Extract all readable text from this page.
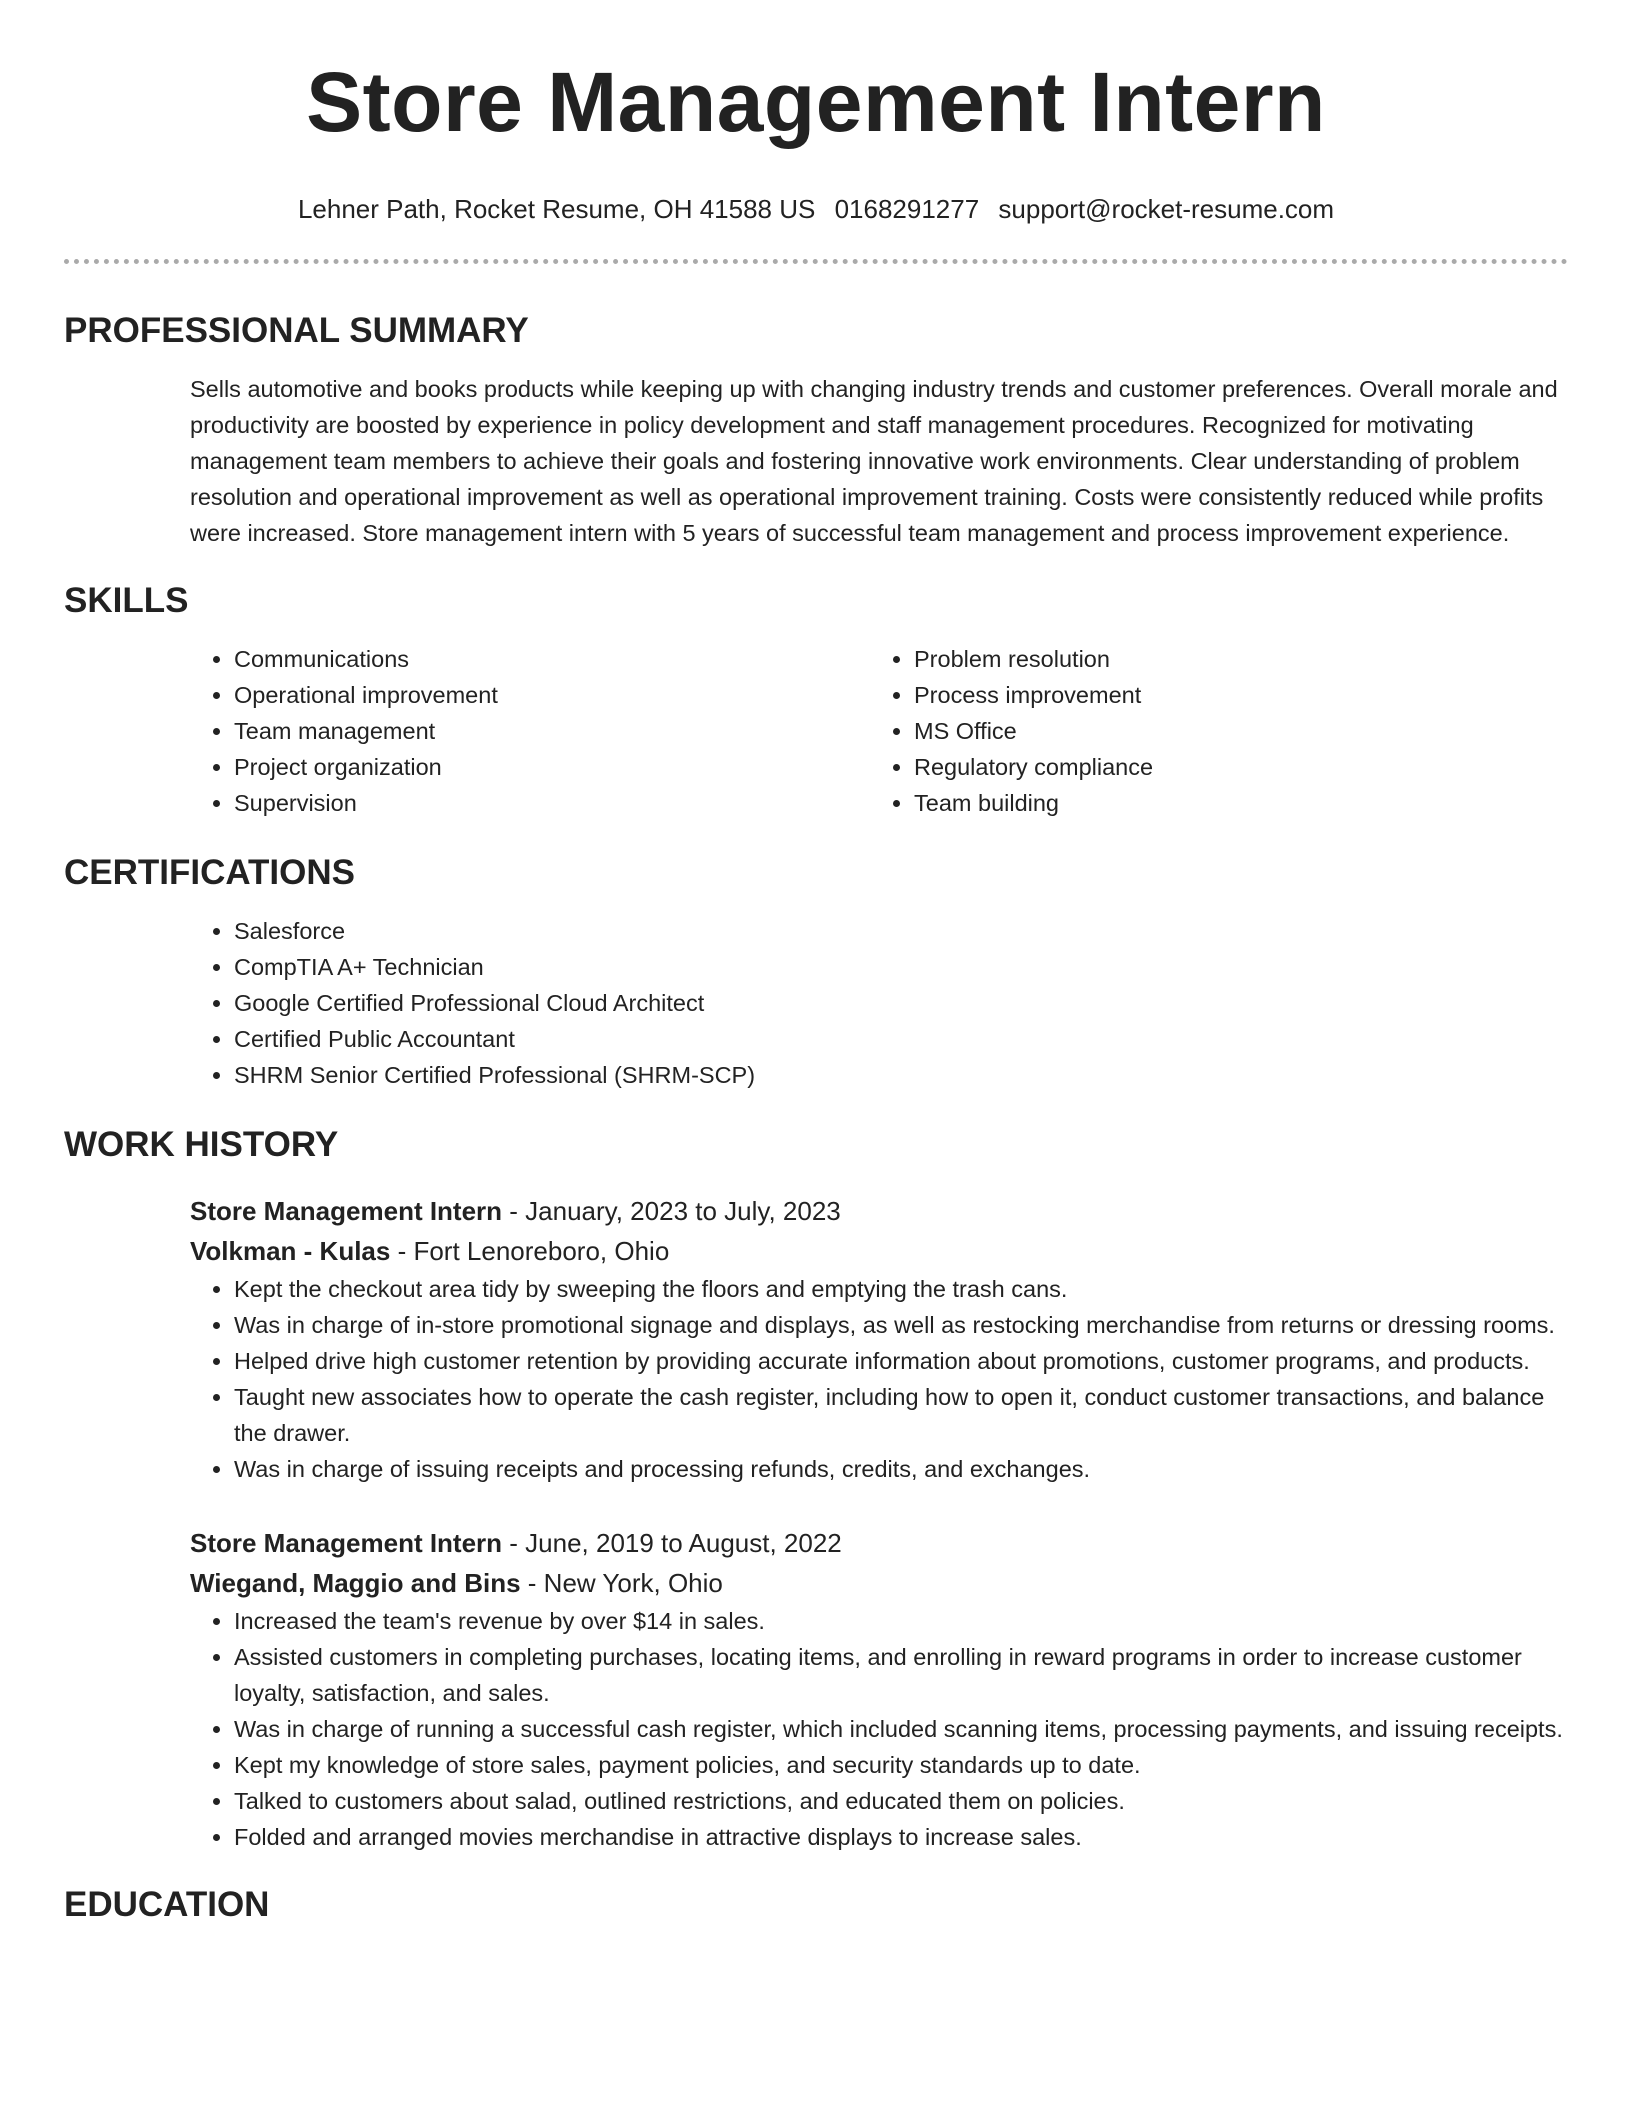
Store Management Intern
Lehner Path, Rocket Resume, OH 41588 US 0168291277 support@rocket-resume.com
PROFESSIONAL SUMMARY

Sells automotive and books products while keeping up with changing industry trends and customer preferences. Overall morale and productivity are boosted by experience in policy development and staff management procedures. Recognized for motivating management team members to achieve their goals and fostering innovative work environments. Clear understanding of problem resolution and operational improvement as well as operational improvement training. Costs were consistently reduced while profits were increased. Store management intern with 5 years of successful team management and process improvement experience.

SKILLS
• Communications
• Operational improvement
• Team management
• Project organization
• Supervision
• Problem resolution
• Process improvement
• MS Office
• Regulatory compliance
• Team building
CERTIFICATIONS
• Salesforce
• CompTIA A+ Technician
• Google Certified Professional Cloud Architect
• Certified Public Accountant
• SHRM Senior Certified Professional (SHRM-SCP)
WORK HISTORY
Store Management Intern - January, 2023 to July, 2023
Volkman - Kulas - Fort Lenoreboro, Ohio
• Kept the checkout area tidy by sweeping the floors and emptying the trash cans.
• Was in charge of in-store promotional signage and displays, as well as restocking merchandise from returns or dressing rooms.
• Helped drive high customer retention by providing accurate information about promotions, customer programs, and products.
• Taught new associates how to operate the cash register, including how to open it, conduct customer transactions, and balance the drawer.
• Was in charge of issuing receipts and processing refunds, credits, and exchanges.
Store Management Intern - June, 2019 to August, 2022
Wiegand, Maggio and Bins - New York, Ohio
• Increased the team's revenue by over $14 in sales.
• Assisted customers in completing purchases, locating items, and enrolling in reward programs in order to increase customer loyalty, satisfaction, and sales.
• Was in charge of running a successful cash register, which included scanning items, processing payments, and issuing receipts.
• Kept my knowledge of store sales, payment policies, and security standards up to date.
• Talked to customers about salad, outlined restrictions, and educated them on policies.
• Folded and arranged movies merchandise in attractive displays to increase sales.
EDUCATION
